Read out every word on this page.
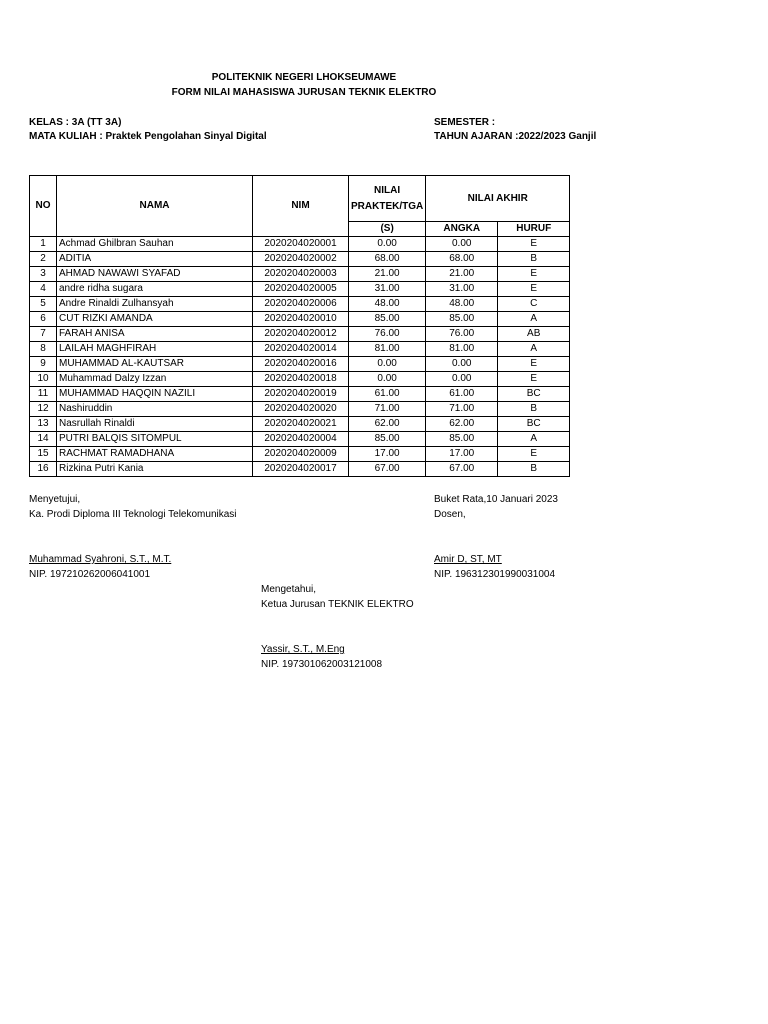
POLITEKNIK NEGERI LHOKSEUMAWE
FORM NILAI MAHASISWA JURUSAN TEKNIK ELEKTRO
KELAS : 3A (TT 3A)
MATA KULIAH : Praktek Pengolahan Sinyal Digital
SEMESTER :
TAHUN AJARAN :2022/2023 Ganjil
NO	NAMA	NIM	NILAI PRAKTEK/TGA	NILAI AKHIR	
			(S)	ANGKA	HURUF
1	Achmad Ghilbran Sauhan	2020204020001	0.00	0.00	E
2	ADITIA	2020204020002	68.00	68.00	B
3	AHMAD NAWAWI SYAFAD	2020204020003	21.00	21.00	E
4	andre ridha sugara	2020204020005	31.00	31.00	E
5	Andre Rinaldi Zulhansyah	2020204020006	48.00	48.00	C
6	CUT RIZKI AMANDA	2020204020010	85.00	85.00	A
7	FARAH ANISA	2020204020012	76.00	76.00	AB
8	LAILAH MAGHFIRAH	2020204020014	81.00	81.00	A
9	MUHAMMAD AL-KAUTSAR	2020204020016	0.00	0.00	E
10	Muhammad Dalzy Izzan	2020204020018	0.00	0.00	E
11	MUHAMMAD HAQQIN NAZILI	2020204020019	61.00	61.00	BC
12	Nashiruddin	2020204020020	71.00	71.00	B
13	Nasrullah Rinaldi	2020204020021	62.00	62.00	BC
14	PUTRI BALQIS SITOMPUL	2020204020004	85.00	85.00	A
15	RACHMAT RAMADHANA	2020204020009	17.00	17.00	E
16	Rizkina Putri Kania	2020204020017	67.00	67.00	B
Menyetujui,
Ka. Prodi Diploma III Teknologi Telekomunikasi
Muhammad Syahroni, S.T., M.T.
NIP. 197210262006041001
Buket Rata,10 Januari 2023
Dosen,
Amir D, ST, MT
NIP. 196312301990031004
Mengetahui,
Ketua Jurusan TEKNIK ELEKTRO
Yassir, S.T., M.Eng
NIP. 197301062003121008
